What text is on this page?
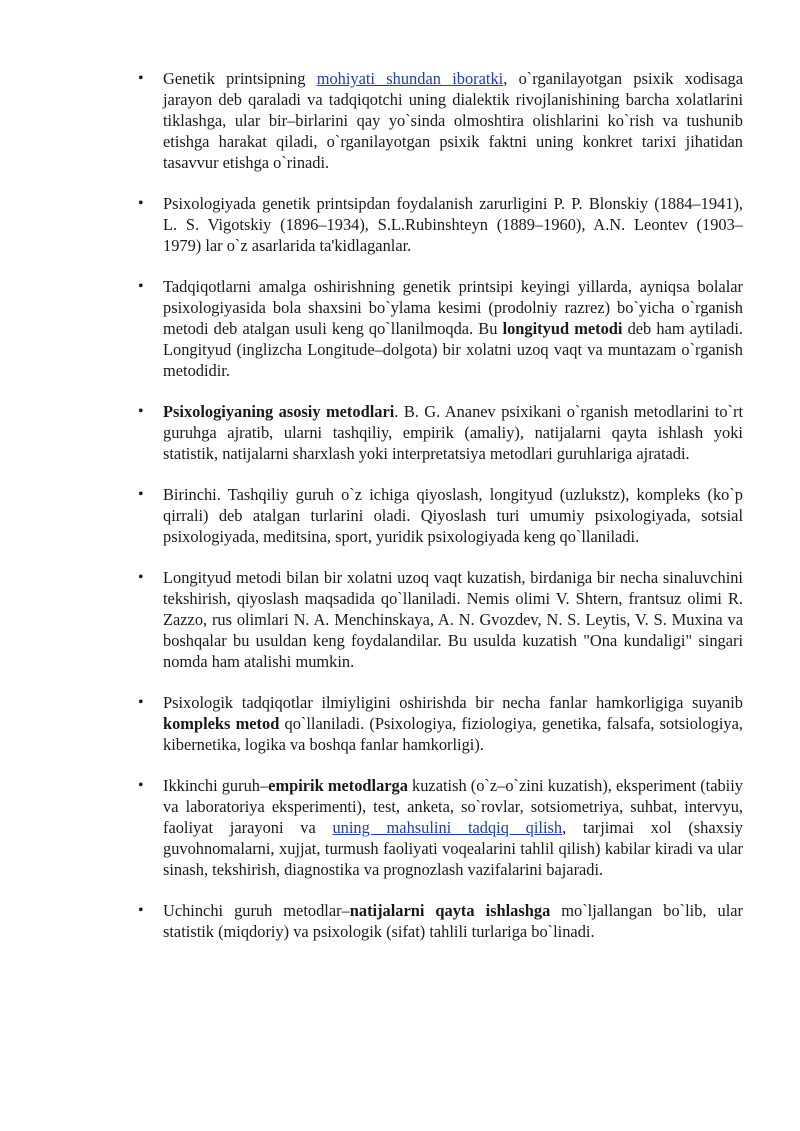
• Genetik printsipning mohiyati shundan iboratki, o`rganilayotgan psixik xodisaga jarayon deb qaraladi va tadqiqotchi uning dialektik rivojlanishining barcha xolatlarini tiklashga, ular bir–birlarini qay yo`sinda olmoshtira olishlarini ko`rish va tushunib etishga harakat qiladi, o`rganilayotgan psixik faktni uning konkret tarixi jihatidan tasavvur etishga o`rinadi.
• Psixologiyada genetik printsipdan foydalanish zarurligini P. P. Blonskiy (1884–1941), L. S. Vigotskiy (1896–1934), S.L.Rubinshteyn (1889–1960), A.N. Leontev (1903–1979) lar o`z asarlarida ta'kidlaganlar.
• Tadqiqotlarni amalga oshirishning genetik printsipi keyingi yillarda, ayniqsa bolalar psixologiyasida bola shaxsini bo`ylama kesimi (prodolniy razrez) bo`yicha o`rganish metodi deb atalgan usuli keng qo`llanilmoqda. Bu longityud metodi deb ham aytiladi. Longityud (inglizcha Longitude–dolgota) bir xolatni uzoq vaqt va muntazam o`rganish metodidir.
• Psixologiyaning asosiy metodlari. B. G. Ananev psixikani o`rganish metodlarini to`rt guruhga ajratib, ularni tashqiliy, empirik (amaliy), natijalarni qayta ishlash yoki statistik, natijalarni sharxlash yoki interpretatsiya metodlari guruhlariga ajratadi.
• Birinchi. Tashqiliy guruh o`z ichiga qiyoslash, longityud (uzlukstz), kompleks (ko`p qirrali) deb atalgan turlarini oladi. Qiyoslash turi umumiy psixologiyada, sotsial psixologiyada, meditsina, sport, yuridik psixologiyada keng qo`llaniladi.
• Longityud metodi bilan bir xolatni uzoq vaqt kuzatish, birdaniga bir necha sinaluvchini tekshirish, qiyoslash maqsadida qo`llaniladi. Nemis olimi V. Shtern, frantsuz olimi R. Zazzo, rus olimlari N. A. Menchinskaya, A. N. Gvozdev, N. S. Leytis, V. S. Muxina va boshqalar bu usuldan keng foydalandilar. Bu usulda kuzatish "Ona kundaligi" singari nomda ham atalishi mumkin.
• Psixologik tadqiqotlar ilmiyligini oshirishda bir necha fanlar hamkorligiga suyanib kompleks metod qo`llaniladi. (Psixologiya, fiziologiya, genetika, falsafa, sotsiologiya, kibernetika, logika va boshqa fanlar hamkorligi).
• Ikkinchi guruh–empirik metodlarga kuzatish (o`z–o`zini kuzatish), eksperiment (tabiiy va laboratoriya eksperimenti), test, anketa, so`rovlar, sotsiometriya, suhbat, intervyu, faoliyat jarayoni va uning mahsulini tadqiq qilish, tarjimai xol (shaxsiy guvohnomalarni, xujjat, turmush faoliyati voqealarini tahlil qilish) kabilar kiradi va ular sinash, tekshirish, diagnostika va prognozlash vazifalarini bajaradi.
• Uchinchi guruh metodlar–natijalarni qayta ishlashga mo`ljallangan bo`lib, ular statistik (miqdoriy) va psixologik (sifat) tahlili turlariga bo`linadi.
